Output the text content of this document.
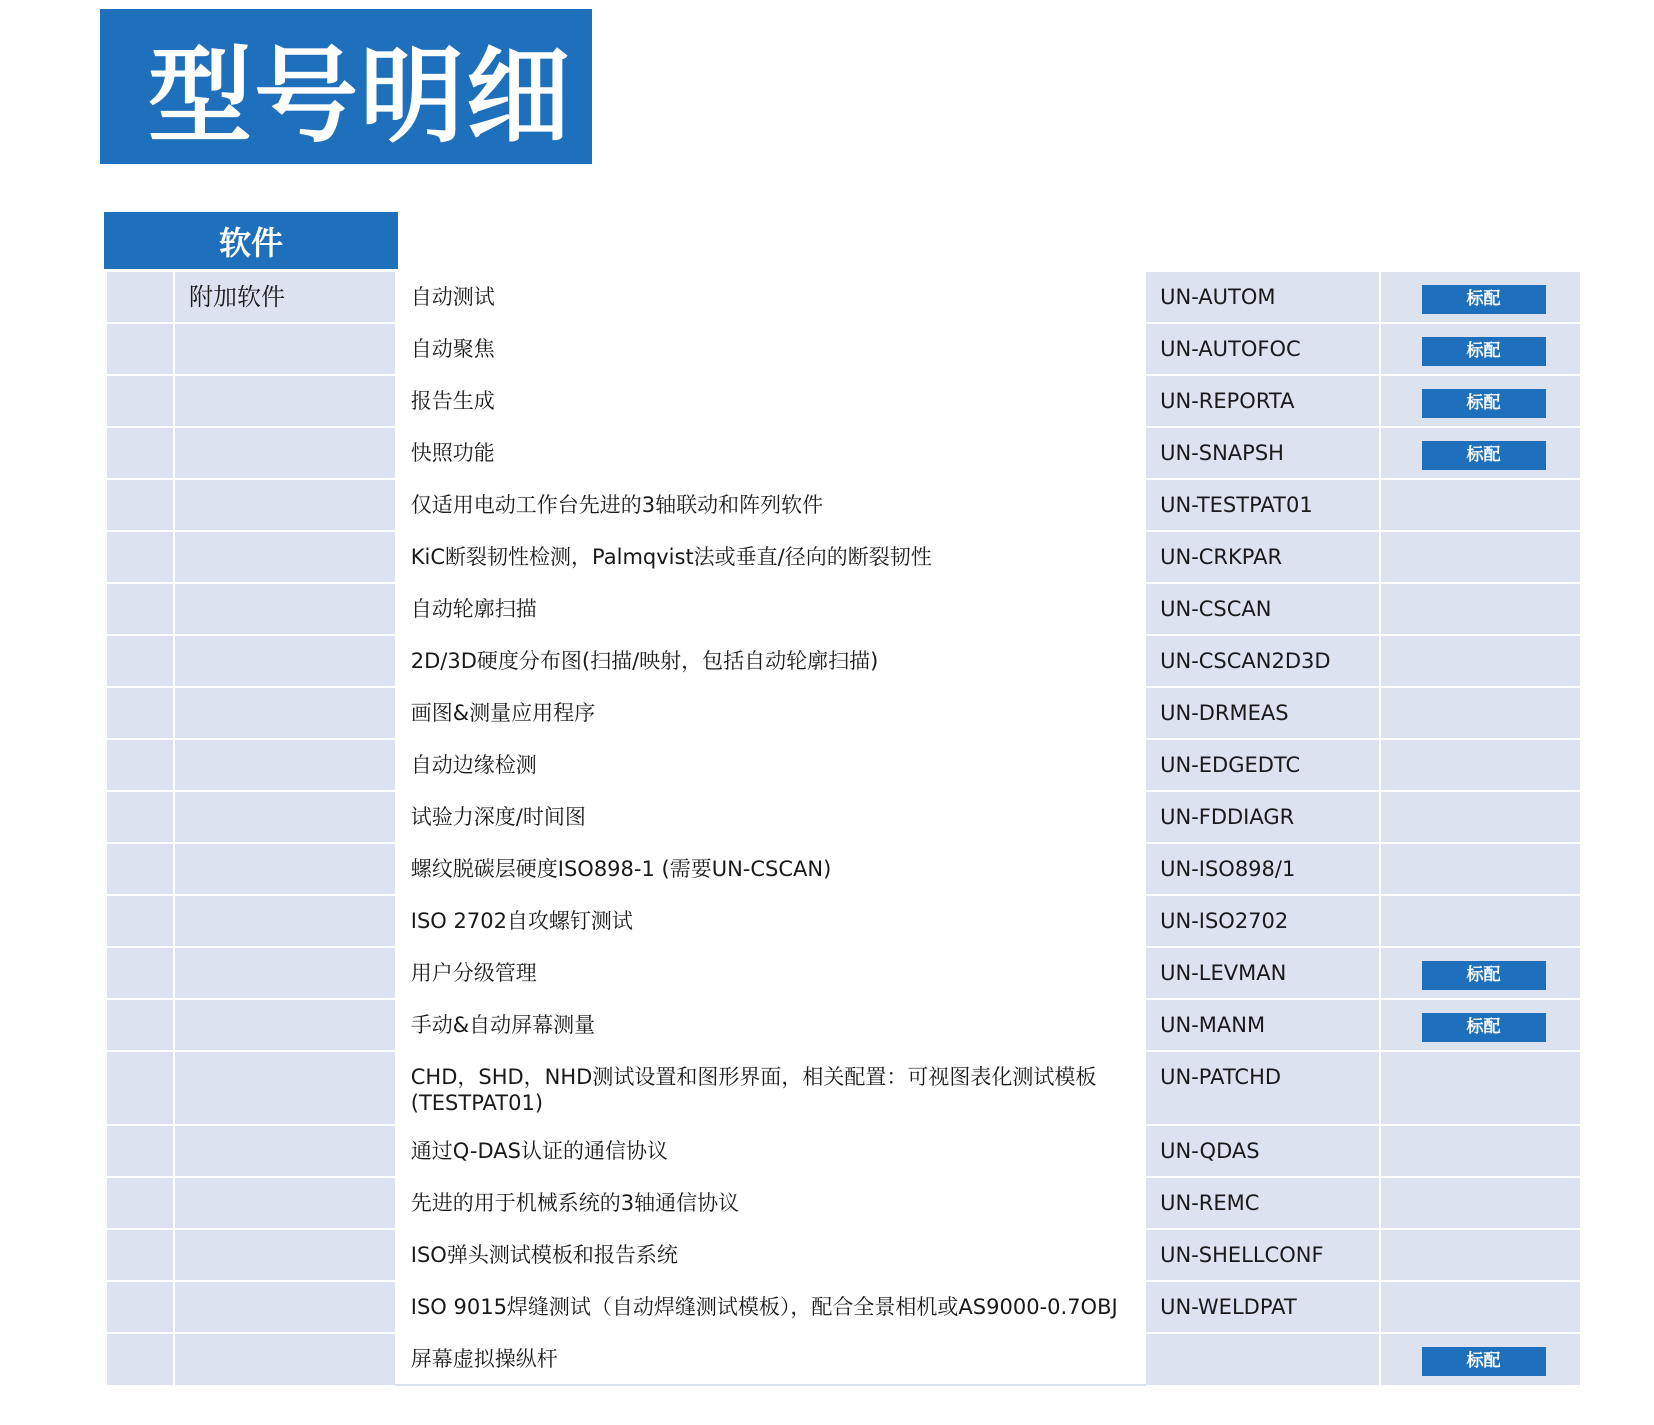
型号明细
软件
	附加软件	自动测试	UN-AUTOM	标配
		自动聚焦	UN-AUTOFOC	标配
		报告生成	UN-REPORTA	标配
		快照功能	UN-SNAPSH	标配
		仅适用电动工作台先进的3轴联动和阵列软件	UN-TESTPAT01	
		KiC断裂韧性检测，Palmqvist法或垂直/径向的断裂韧性	UN-CRKPAR	
		自动轮廓扫描	UN-CSCAN	
		2D/3D硬度分布图(扫描/映射，包括自动轮廓扫描)	UN-CSCAN2D3D	
		画图&测量应用程序	UN-DRMEAS	
		自动边缘检测	UN-EDGEDTC	
		试验力深度/时间图	UN-FDDIAGR	
		螺纹脱碳层硬度ISO898-1 (需要UN-CSCAN)	UN-ISO898/1	
		ISO 2702自攻螺钉测试	UN-ISO2702	
		用户分级管理	UN-LEVMAN	标配
		手动&自动屏幕测量	UN-MANM	标配
		CHD，SHD，NHD测试设置和图形界面，相关配置：可视图表化测试模板 (TESTPAT01)	UN-PATCHD	
		通过Q-DAS认证的通信协议	UN-QDAS	
		先进的用于机械系统的3轴通信协议	UN-REMC	
		ISO弹头测试模板和报告系统	UN-SHELLCONF	
		ISO 9015焊缝测试（自动焊缝测试模板），配合全景相机或AS9000-0.7OBJ	UN-WELDPAT	
		屏幕虚拟操纵杆		标配
